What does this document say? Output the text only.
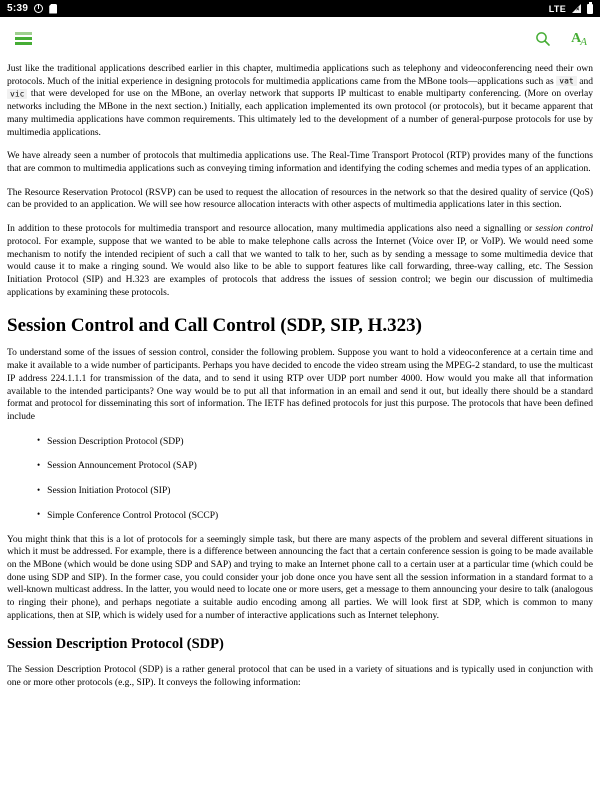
5:39	LTE
×
A A

Just like the traditional applications described earlier in this chapter, multimedia applications such as telephony and videoconferencing need their own protocols. Much of the initial experience in designing protocols for multimedia applications came from the MBone tools—applications such as vat and vic that were developed for use on the MBone, an overlay network that supports IP multicast to enable multiparty conferencing. (More on overlay networks including the MBone in the next section.) Initially, each application implemented its own protocol (or protocols), but it became apparent that many multimedia applications have common requirements. This ultimately led to the development of a number of general-purpose protocols for use by multimedia applications.

We have already seen a number of protocols that multimedia applications use. The Real-Time Transport Protocol (RTP) provides many of the functions that are common to multimedia applications such as conveying timing information and identifying the coding schemes and media types of an application.

The Resource Reservation Protocol (RSVP) can be used to request the allocation of resources in the network so that the desired quality of service (QoS) can be provided to an application. We will see how resource allocation interacts with other aspects of multimedia applications later in this section.

In addition to these protocols for multimedia transport and resource allocation, many multimedia applications also need a signalling or session control protocol. For example, suppose that we wanted to be able to make telephone calls across the Internet (Voice over IP, or VoIP). We would need some mechanism to notify the intended recipient of such a call that we wanted to talk to her, such as by sending a message to some multimedia device that would cause it to make a ringing sound. We would also like to be able to support features like call forwarding, three-way calling, etc. The Session Initiation Protocol (SIP) and H.323 are examples of protocols that address the issues of session control; we begin our discussion of multimedia applications by examining these protocols.

Session Control and Call Control (SDP, SIP, H.323)

To understand some of the issues of session control, consider the following problem. Suppose you want to hold a videoconference at a certain time and make it available to a wide number of participants. Perhaps you have decided to encode the video stream using the MPEG-2 standard, to use the multicast IP address 224.1.1.1 for transmission of the data, and to send it using RTP over UDP port number 4000. How would you make all that information available to the intended participants? One way would be to put all that information in an email and send it out, but ideally there should be a standard format and protocol for disseminating this sort of information. The IETF has defined protocols for just this purpose. The protocols that have been defined include

• Session Description Protocol (SDP)
• Session Announcement Protocol (SAP)
• Session Initiation Protocol (SIP)
• Simple Conference Control Protocol (SCCP)

You might think that this is a lot of protocols for a seemingly simple task, but there are many aspects of the problem and several different situations in which it must be addressed. For example, there is a difference between announcing the fact that a certain conference session is going to be made available on the MBone (which would be done using SDP and SAP) and trying to make an Internet phone call to a certain user at a particular time (which could be done using SDP and SIP). In the former case, you could consider your job done once you have sent all the session information in a standard format to a well-known multicast address. In the latter, you would need to locate one or more users, get a message to them announcing your desire to talk (analogous to ringing their phone), and perhaps negotiate a suitable audio encoding among all parties. We will look first at SDP, which is common to many applications, then at SIP, which is widely used for a number of interactive applications such as Internet telephony.

Session Description Protocol (SDP)

The Session Description Protocol (SDP) is a rather general protocol that can be used in a variety of situations and is typically used in conjunction with one or more other protocols (e.g., SIP). It conveys the following information:
